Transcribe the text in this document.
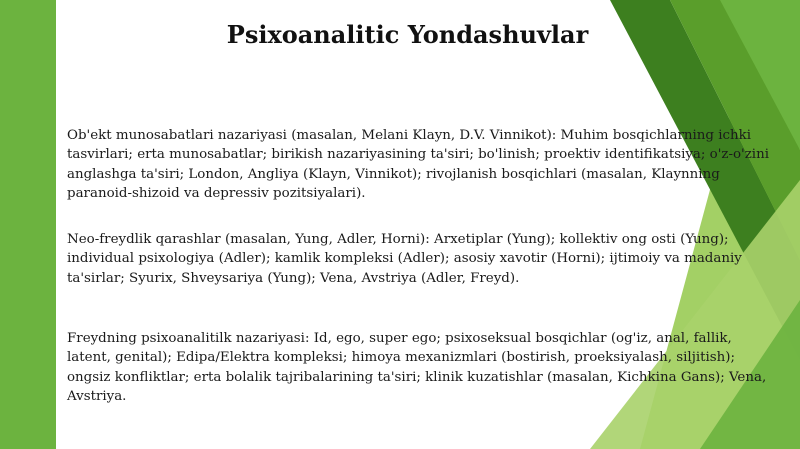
Psixoanalitic Yondashuvlar
Ob'ekt munosabatlari nazariyasi (masalan, Melani Klayn, D.V. Vinnikot): Muhim bosqichlarning ichki tasvirlari; erta munosabatlar; birikish nazariyasining ta'siri; bo'linish; proektiv identifikatsiya; o'z-o'zini anglashga ta'siri; London, Angliya (Klayn, Vinnikot); rivojlanish bosqichlari (masalan, Klaynning paranoid-shizoid va depressiv pozitsiyalari).
Neo-freydlik qarashlar (masalan, Yung, Adler, Horni): Arxetiplar (Yung); kollektiv ong osti (Yung); individual psixologiya (Adler); kamlik kompleksi (Adler); asosiy xavotir (Horni); ijtimoiy va madaniy ta'sirlar; Syurix, Shveysariya (Yung); Vena, Avstriya (Adler, Freyd).
Freydning psixoanalitilk nazariyasi: Id, ego, super ego; psixoseksual bosqichlar (og'iz, anal, fallik, latent, genital); Edipa/Elektra kompleksi; himoya mexanizmlari (bostirish, proeksiyalash, siljitish); ongsiz konfliktlar; erta bolalik tajribalarining ta'siri; klinik kuzatishlar (masalan, Kichkina Gans); Vena, Avstriya.
